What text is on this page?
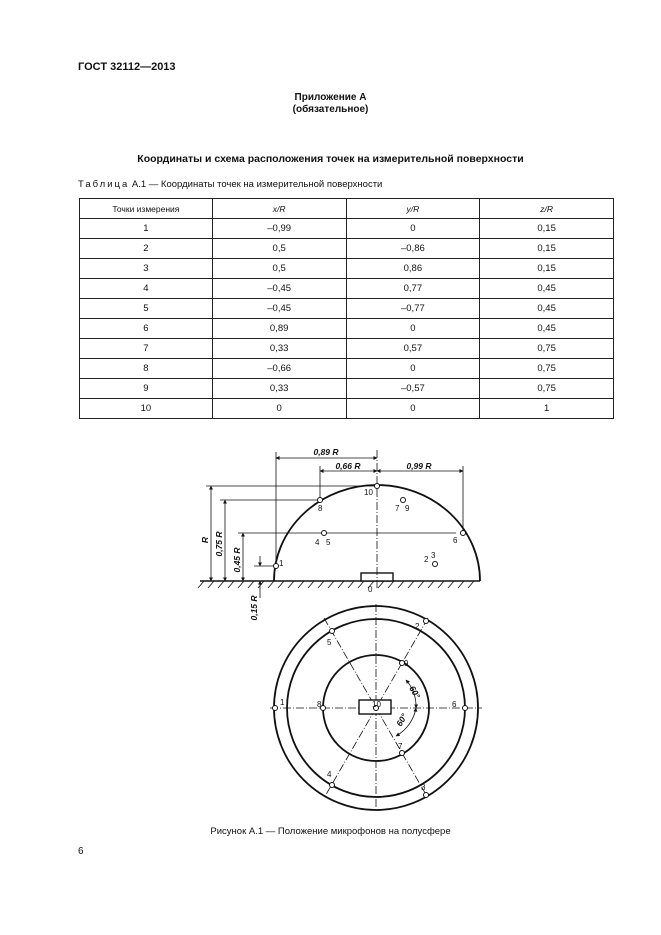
ГОСТ 32112—2013
Приложение А
(обязательное)
Координаты и схема расположения точек на измерительной поверхности
Таблица А.1 — Координаты точек на измерительной поверхности
Точки измерения	x/R	y/R	z/R
1	–0,99	0	0,15
2	0,5	–0,86	0,15
3	0,5	0,86	0,15
4	–0,45	0,77	0,45
5	–0,45	–0,77	0,45
6	0,89	0	0,45
7	0,33	0,57	0,75
8	–0,66	0	0,75
9	0,33	–0,57	0,75
10	0	0	1
0,89 R
0,66 R	0,99 R
R 0,75 R
0,45 R
0,15 R
1	2 3
4 5	6
7
8	9
10
0
60°
60°
1
2
3
4
5
6
7
8
9
10
Рисунок А.1 — Положение микрофонов на полусфере
6
